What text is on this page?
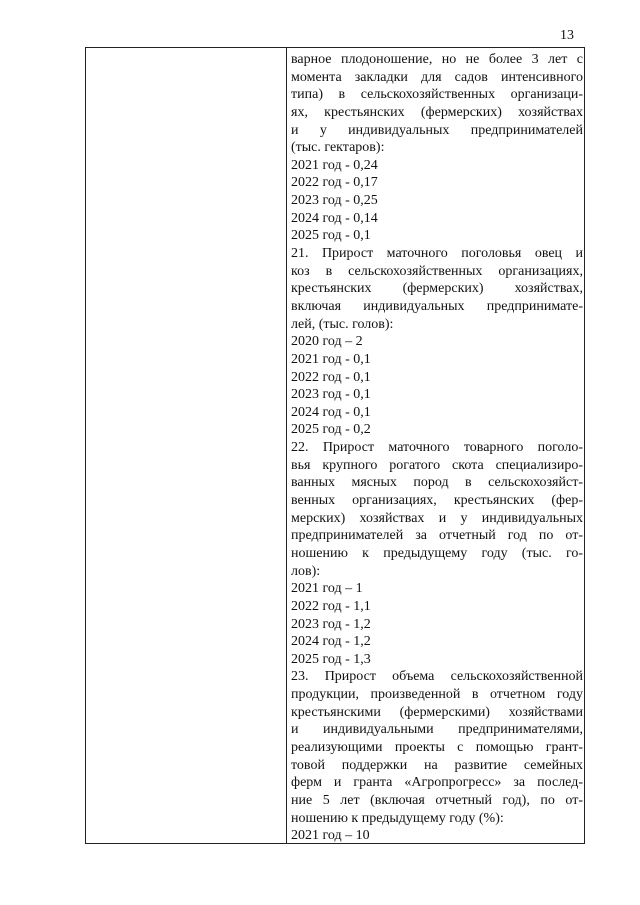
13
варное плодоношение, но не более 3 лет с
момента закладки для садов интенсивного
типа) в сельскохозяйственных организаци-
ях, крестьянских (фермерских) хозяйствах
и у индивидуальных предпринимателей
(тыс. гектаров):
2021 год - 0,24
2022 год - 0,17
2023 год - 0,25
2024 год - 0,14
2025 год - 0,1
21. Прирост маточного поголовья овец и
коз в сельскохозяйственных организациях,
крестьянских (фермерских) хозяйствах,
включая индивидуальных предпринимате-
лей, (тыс. голов):
2020 год – 2
2021 год - 0,1
2022 год - 0,1
2023 год - 0,1
2024 год - 0,1
2025 год - 0,2
22. Прирост маточного товарного поголо-
вья крупного рогатого скота специализиро-
ванных мясных пород в сельскохозяйст-
венных организациях, крестьянских (фер-
мерских) хозяйствах и у индивидуальных
предпринимателей за отчетный год по от-
ношению к предыдущему году (тыс. го-
лов):
2021 год – 1
2022 год - 1,1
2023 год - 1,2
2024 год - 1,2
2025 год - 1,3
23. Прирост объема сельскохозяйственной
продукции, произведенной в отчетном году
крестьянскими (фермерскими) хозяйствами
и индивидуальными предпринимателями,
реализующими проекты с помощью грант-
товой поддержки на развитие семейных
ферм и гранта «Агропрогресс» за послед-
ние 5 лет (включая отчетный год), по от-
ношению к предыдущему году (%):
2021 год – 10
